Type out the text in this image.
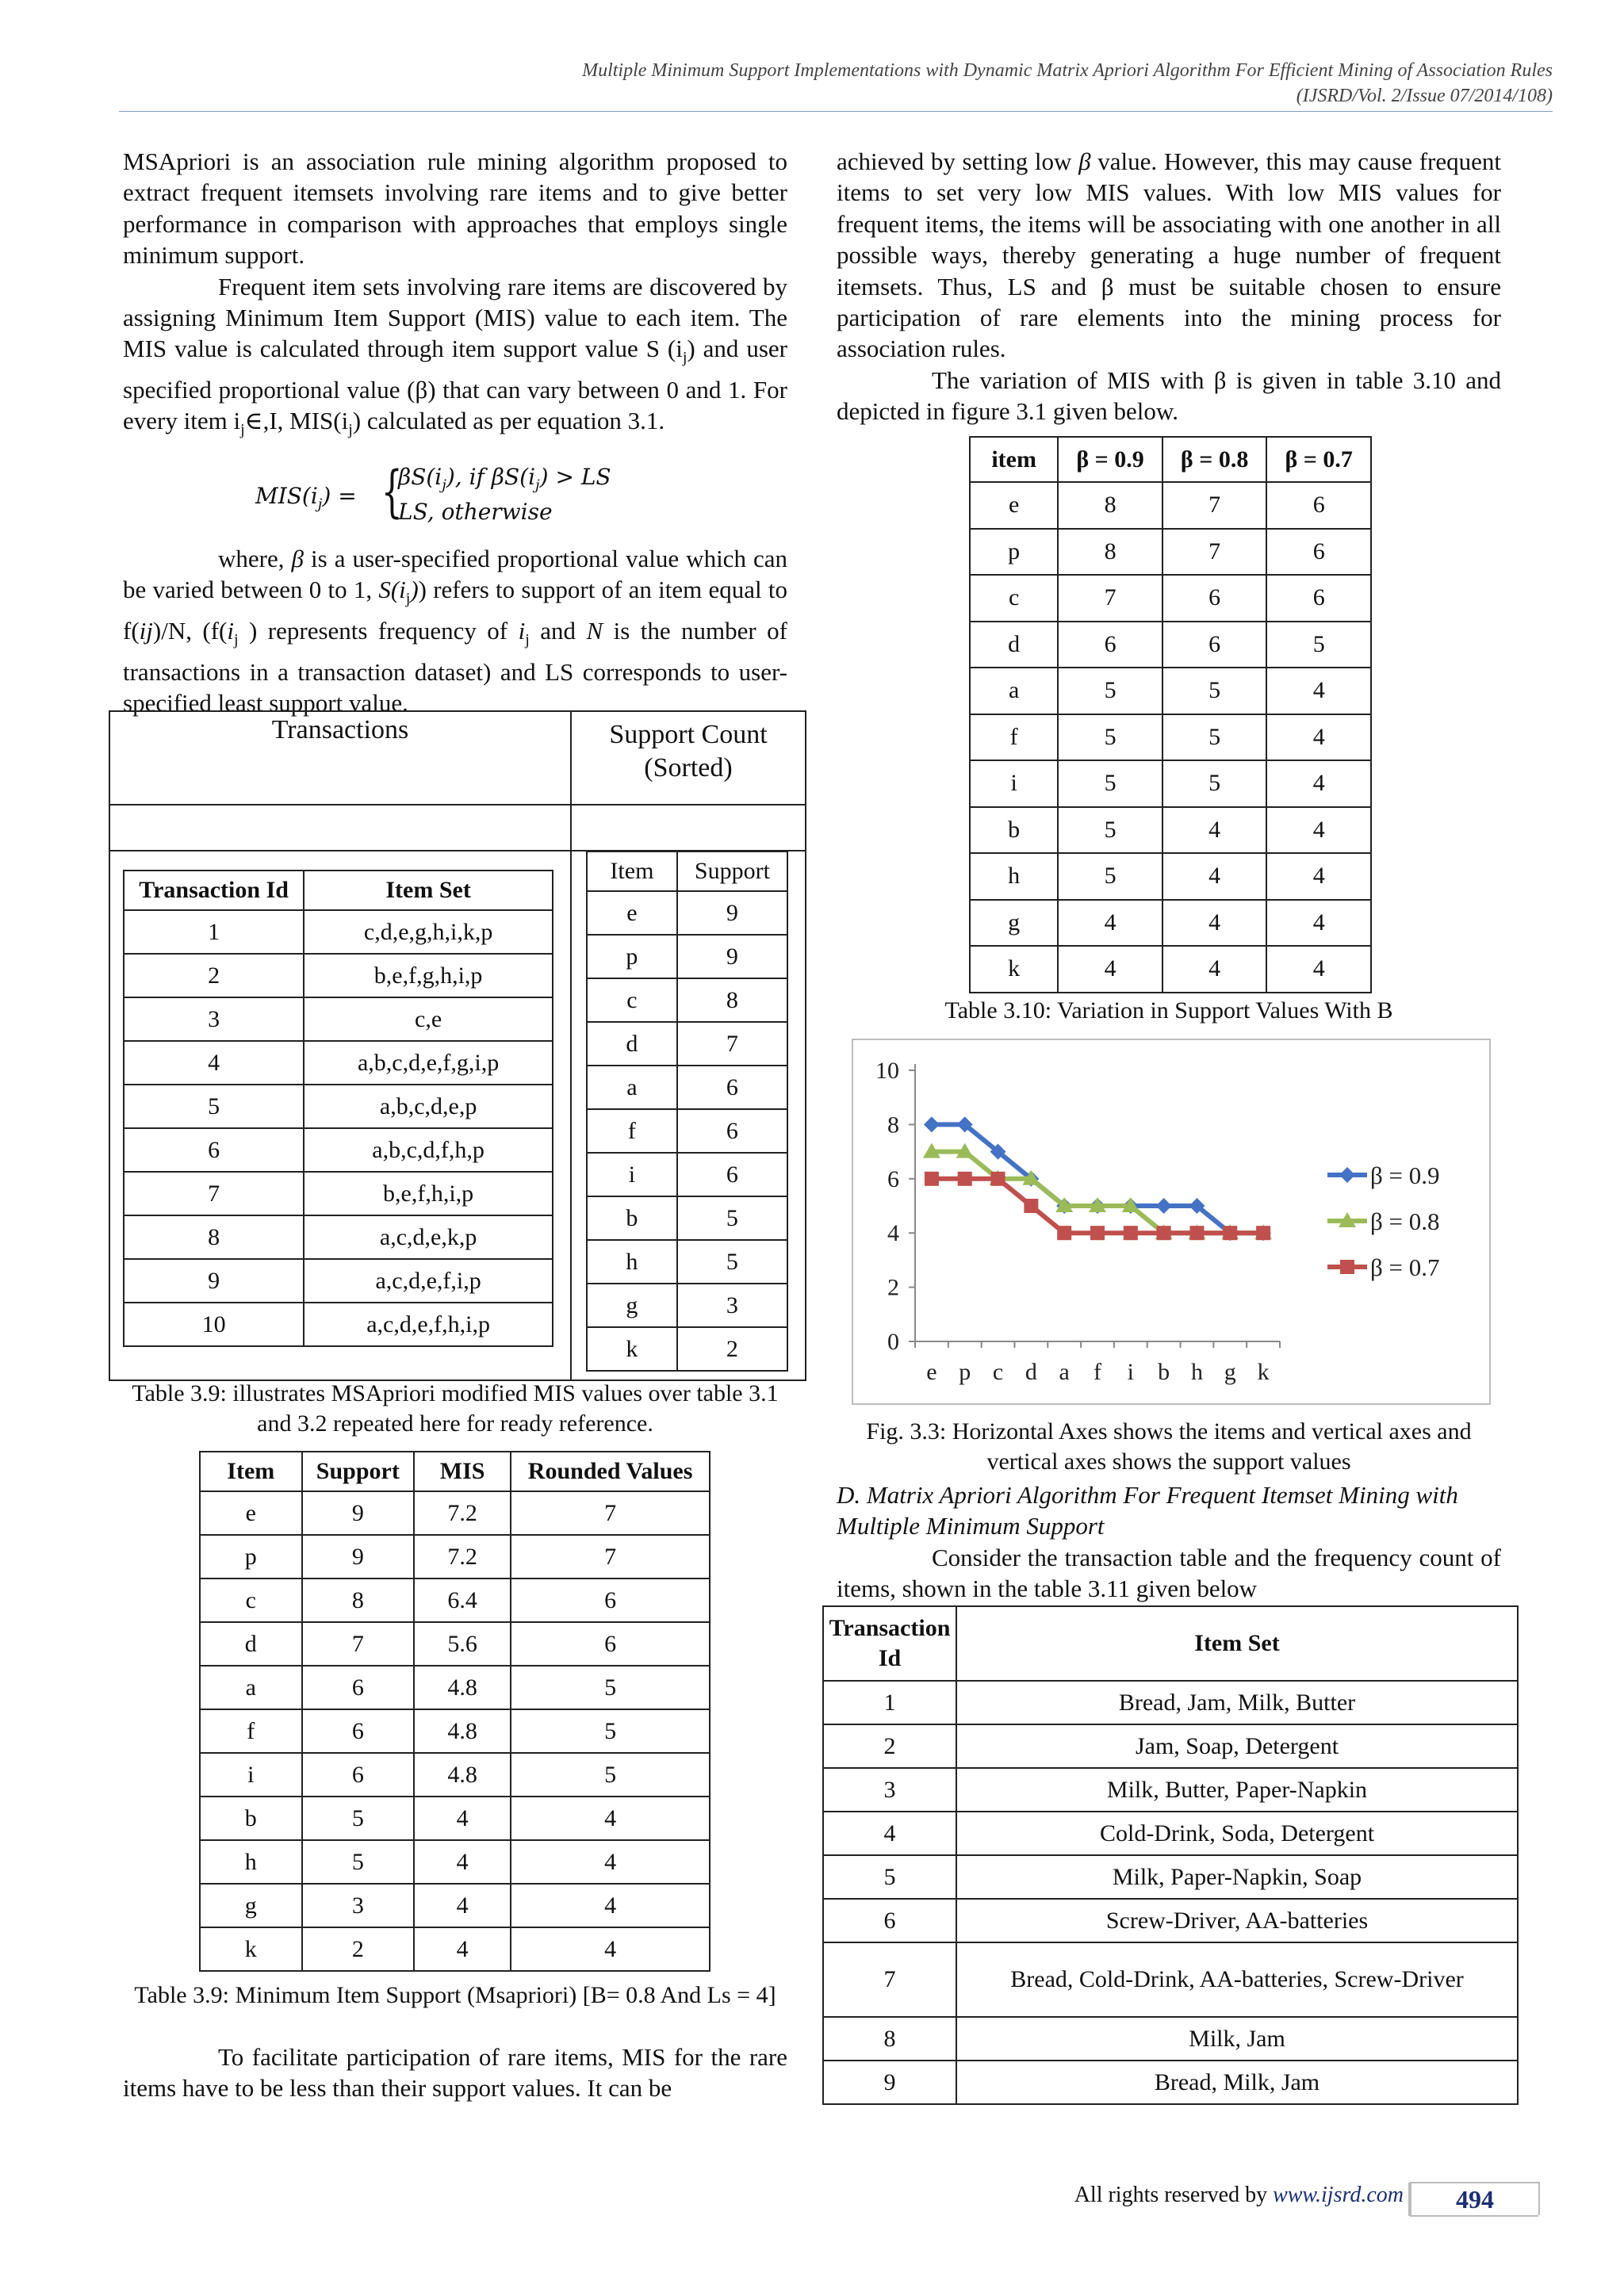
Multiple Minimum Support Implementations with Dynamic Matrix Apriori Algorithm For Efficient Mining of Association Rules
(IJSRD/Vol. 2/Issue 07/2014/108)

MSApriori is an association rule mining algorithm proposed to extract frequent itemsets involving rare items and to give better performance in comparison with approaches that employs single minimum support.

Frequent item sets involving rare items are discovered by assigning Minimum Item Support (MIS) value to each item. The MIS value is calculated through item support value S $(i_j)$ and user specified proportional value (β) that can vary between 0 and 1. For every item $i_j\in,I$, $MIS(i_j)$ calculated as per equation 3.1.

$MIS(i_j)$ = {
$\beta S(i_j)$, if $\beta S(i_j)$ > LS
LS, otherwise

where, β is a user-specified proportional value which can be varied between 0 to 1, $S(i_j)$) refers to support of an item equal to f(ij)/N, ($f(i_j$ ) represents frequency of $i_j$ and N is the number of transactions in a transaction dataset) and LS corresponds to user-specified least support value.

Transactions	Support Count (Sorted)
Transaction Id	Item Set
1	c,d,e,g,h,i,k,p
2	b,e,f,g,h,i,p
3	c,e
4	a,b,c,d,e,f,g,i,p
5	a,b,c,d,e,p
6	a,b,c,d,f,h,p
7	b,e,f,h,i,p
8	a,c,d,e,k,p
9	a,c,d,e,f,i,p
10	a,c,d,e,f,h,i,p
Item	Support
e	9
p	9
c	8
d	7
a	6
f	6
i	6
b	5
h	5
g	3
k	2
Table 3.9: illustrates MSApriori modified MIS values over table 3.1 and 3.2 repeated here for ready reference.
Item	Support	MIS	Rounded Values
e	9	7.2	7
p	9	7.2	7
c	8	6.4	6
d	7	5.6	6
a	6	4.8	5
f	6	4.8	5
i	6	4.8	5
b	5	4	4
h	5	4	4
g	3	4	4
k	2	4	4
Table 3.9: Minimum Item Support (Msapriori) [B= 0.8 And Ls = 4]

To facilitate participation of rare items, MIS for the rare items have to be less than their support values. It can be

achieved by setting low β value. However, this may cause frequent items to set very low MIS values. With low MIS values for frequent items, the items will be associating with one another in all possible ways, thereby generating a huge number of frequent itemsets. Thus, LS and β must be suitable chosen to ensure participation of rare elements into the mining process for association rules.

The variation of MIS with β is given in table 3.10 and depicted in figure 3.1 given below.

item	β = 0.9	β = 0.8	β = 0.7
e	8	7	6
p	8	7	6
c	7	6	6
d	6	6	5
a	5	5	4
f	5	5	4
i	5	5	4
b	5	4	4
h	5	4	4
g	4	4	4
k	4	4	4
Table 3.10: Variation in Support Values With B
0
2
4
6
8
10
e p c d a f i b h g k
β = 0.9
β = 0.8
β = 0.7
Fig. 3.3: Horizontal Axes shows the items and vertical axes and vertical axes shows the support values

D. Matrix Apriori Algorithm For Frequent Itemset Mining with Multiple Minimum Support

Consider the transaction table and the frequency count of items, shown in the table 3.11 given below

Transaction Id	Item Set
1	Bread, Jam, Milk, Butter
2	Jam, Soap, Detergent
3	Milk, Butter, Paper-Napkin
4	Cold-Drink, Soda, Detergent
5	Milk, Paper-Napkin, Soap
6	Screw-Driver, AA-batteries
7	Bread, Cold-Drink, AA-batteries, Screw-Driver
8	Milk, Jam
9	Bread, Milk, Jam
All rights reserved by www.ijsrd.com	494
